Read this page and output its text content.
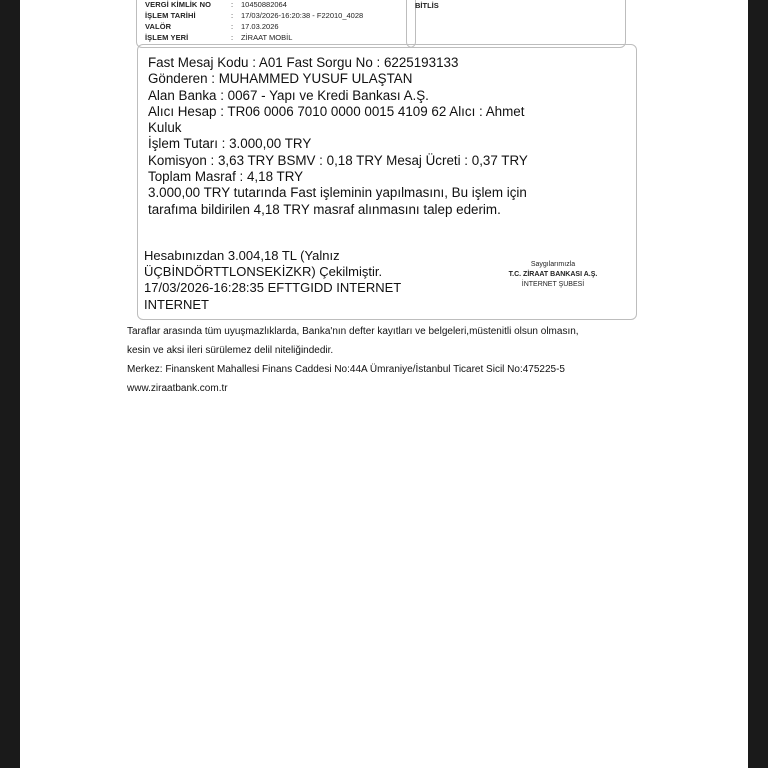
VERGİ KİMLİK NO	: 10450882064
İŞLEM TARİHİ	: 17/03/2026-16:20:38 - F22010_4028
VALÖR	: 17.03.2026
İŞLEM YERİ	: ZİRAAT MOBİL
BİTLİS
Fast Mesaj Kodu : A01 Fast Sorgu No : 6225193133
Gönderen : MUHAMMED YUSUF ULAŞTAN
Alan Banka : 0067 - Yapı ve Kredi Bankası A.Ş.
Alıcı Hesap : TR06 0006 7010 0000 0015 4109 62 Alıcı : Ahmet
Kuluk
İşlem Tutarı : 3.000,00 TRY
Komisyon : 3,63 TRY BSMV : 0,18 TRY Mesaj Ücreti : 0,37 TRY
Toplam Masraf : 4,18 TRY
3.000,00 TRY tutarında Fast işleminin yapılmasını, Bu işlem için
tarafıma bildirilen 4,18 TRY masraf alınmasını talep ederim.
Hesabınızdan 3.004,18 TL (Yalnız
ÜÇBİNDÖRTTLONSEKİZKR) Çekilmiştir.
17/03/2026-16:28:35 EFTTGIDD INTERNET
INTERNET
Saygılarımızla
T.C. ZİRAAT BANKASI A.Ş.
İNTERNET ŞUBESİ
Taraflar arasında tüm uyuşmazlıklarda, Banka'nın defter kayıtları ve belgeleri,müstenitli olsun olmasın,
kesin ve aksi ileri sürülemez delil niteliğindedir.
Merkez: Finanskent Mahallesi Finans Caddesi No:44A Ümraniye/İstanbul Ticaret Sicil No:475225-5
www.ziraatbank.com.tr
